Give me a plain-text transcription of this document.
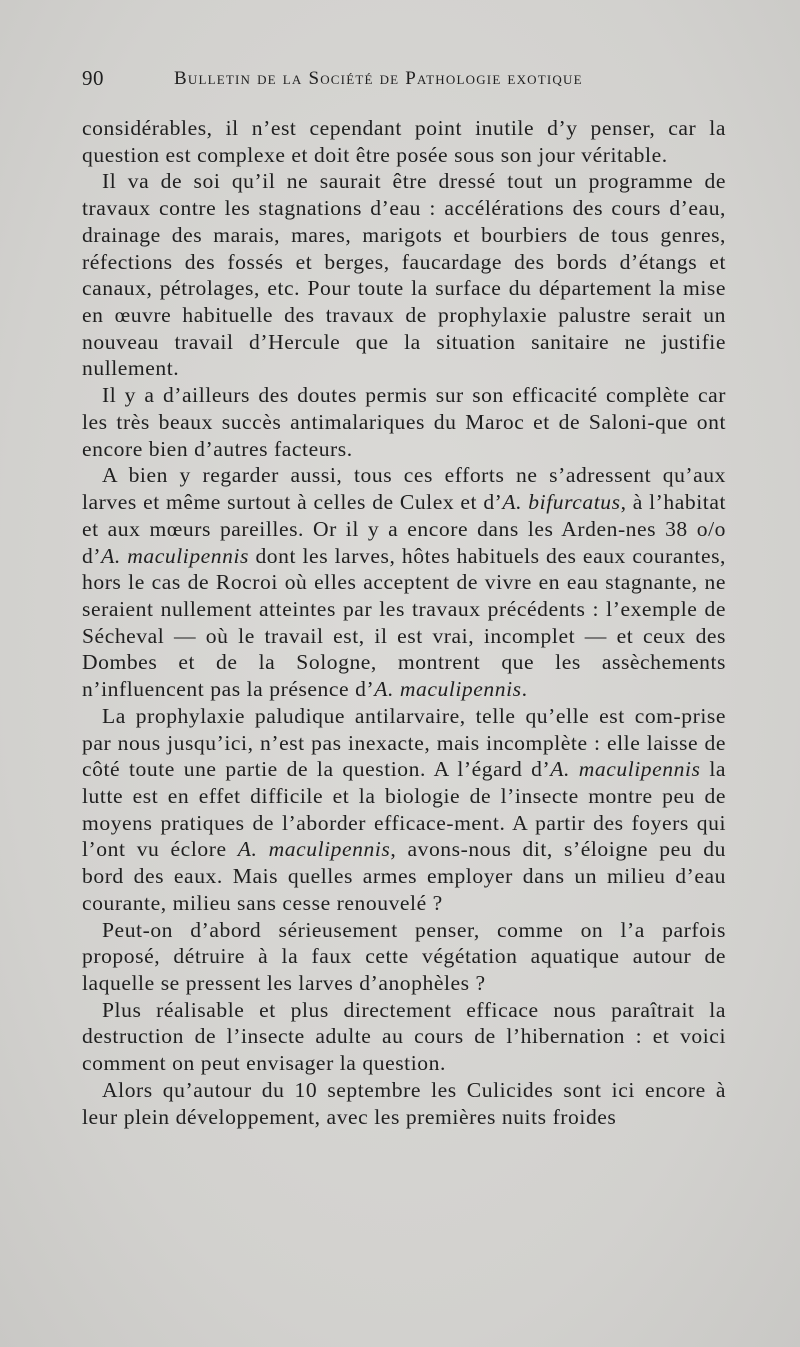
90	Bulletin de la Société de Pathologie exotique

considérables, il n’est cependant point inutile d’y penser, car la question est complexe et doit être posée sous son jour véritable.

Il va de soi qu’il ne saurait être dressé tout un programme de travaux contre les stagnations d’eau : accélérations des cours d’eau, drainage des marais, mares, marigots et bourbiers de tous genres, réfections des fossés et berges, faucardage des bords d’étangs et canaux, pétrolages, etc. Pour toute la surface du département la mise en œuvre habituelle des travaux de prophylaxie palustre serait un nouveau travail d’Hercule que la situation sanitaire ne justifie nullement.

Il y a d’ailleurs des doutes permis sur son efficacité complète car les très beaux succès antimalariques du Maroc et de Saloni-que ont encore bien d’autres facteurs.

A bien y regarder aussi, tous ces efforts ne s’adressent qu’aux larves et même surtout à celles de Culex et d’A. bifurcatus, à l’habitat et aux mœurs pareilles. Or il y a encore dans les Arden-nes 38 o/o d’A. maculipennis dont les larves, hôtes habituels des eaux courantes, hors le cas de Rocroi où elles acceptent de vivre en eau stagnante, ne seraient nullement atteintes par les travaux précédents : l’exemple de Sécheval — où le travail est, il est vrai, incomplet — et ceux des Dombes et de la Sologne, montrent que les assèchements n’influencent pas la présence d’A. maculipennis.

La prophylaxie paludique antilarvaire, telle qu’elle est com-prise par nous jusqu’ici, n’est pas inexacte, mais incomplète : elle laisse de côté toute une partie de la question. A l’égard d’A. maculipennis la lutte est en effet difficile et la biologie de l’insecte montre peu de moyens pratiques de l’aborder efficace-ment. A partir des foyers qui l’ont vu éclore A. maculipennis, avons-nous dit, s’éloigne peu du bord des eaux. Mais quelles armes employer dans un milieu d’eau courante, milieu sans cesse renouvelé ?

Peut-on d’abord sérieusement penser, comme on l’a parfois proposé, détruire à la faux cette végétation aquatique autour de laquelle se pressent les larves d’anophèles ?

Plus réalisable et plus directement efficace nous paraîtrait la destruction de l’insecte adulte au cours de l’hibernation : et voici comment on peut envisager la question.

Alors qu’autour du 10 septembre les Culicides sont ici encore à leur plein développement, avec les premières nuits froides
